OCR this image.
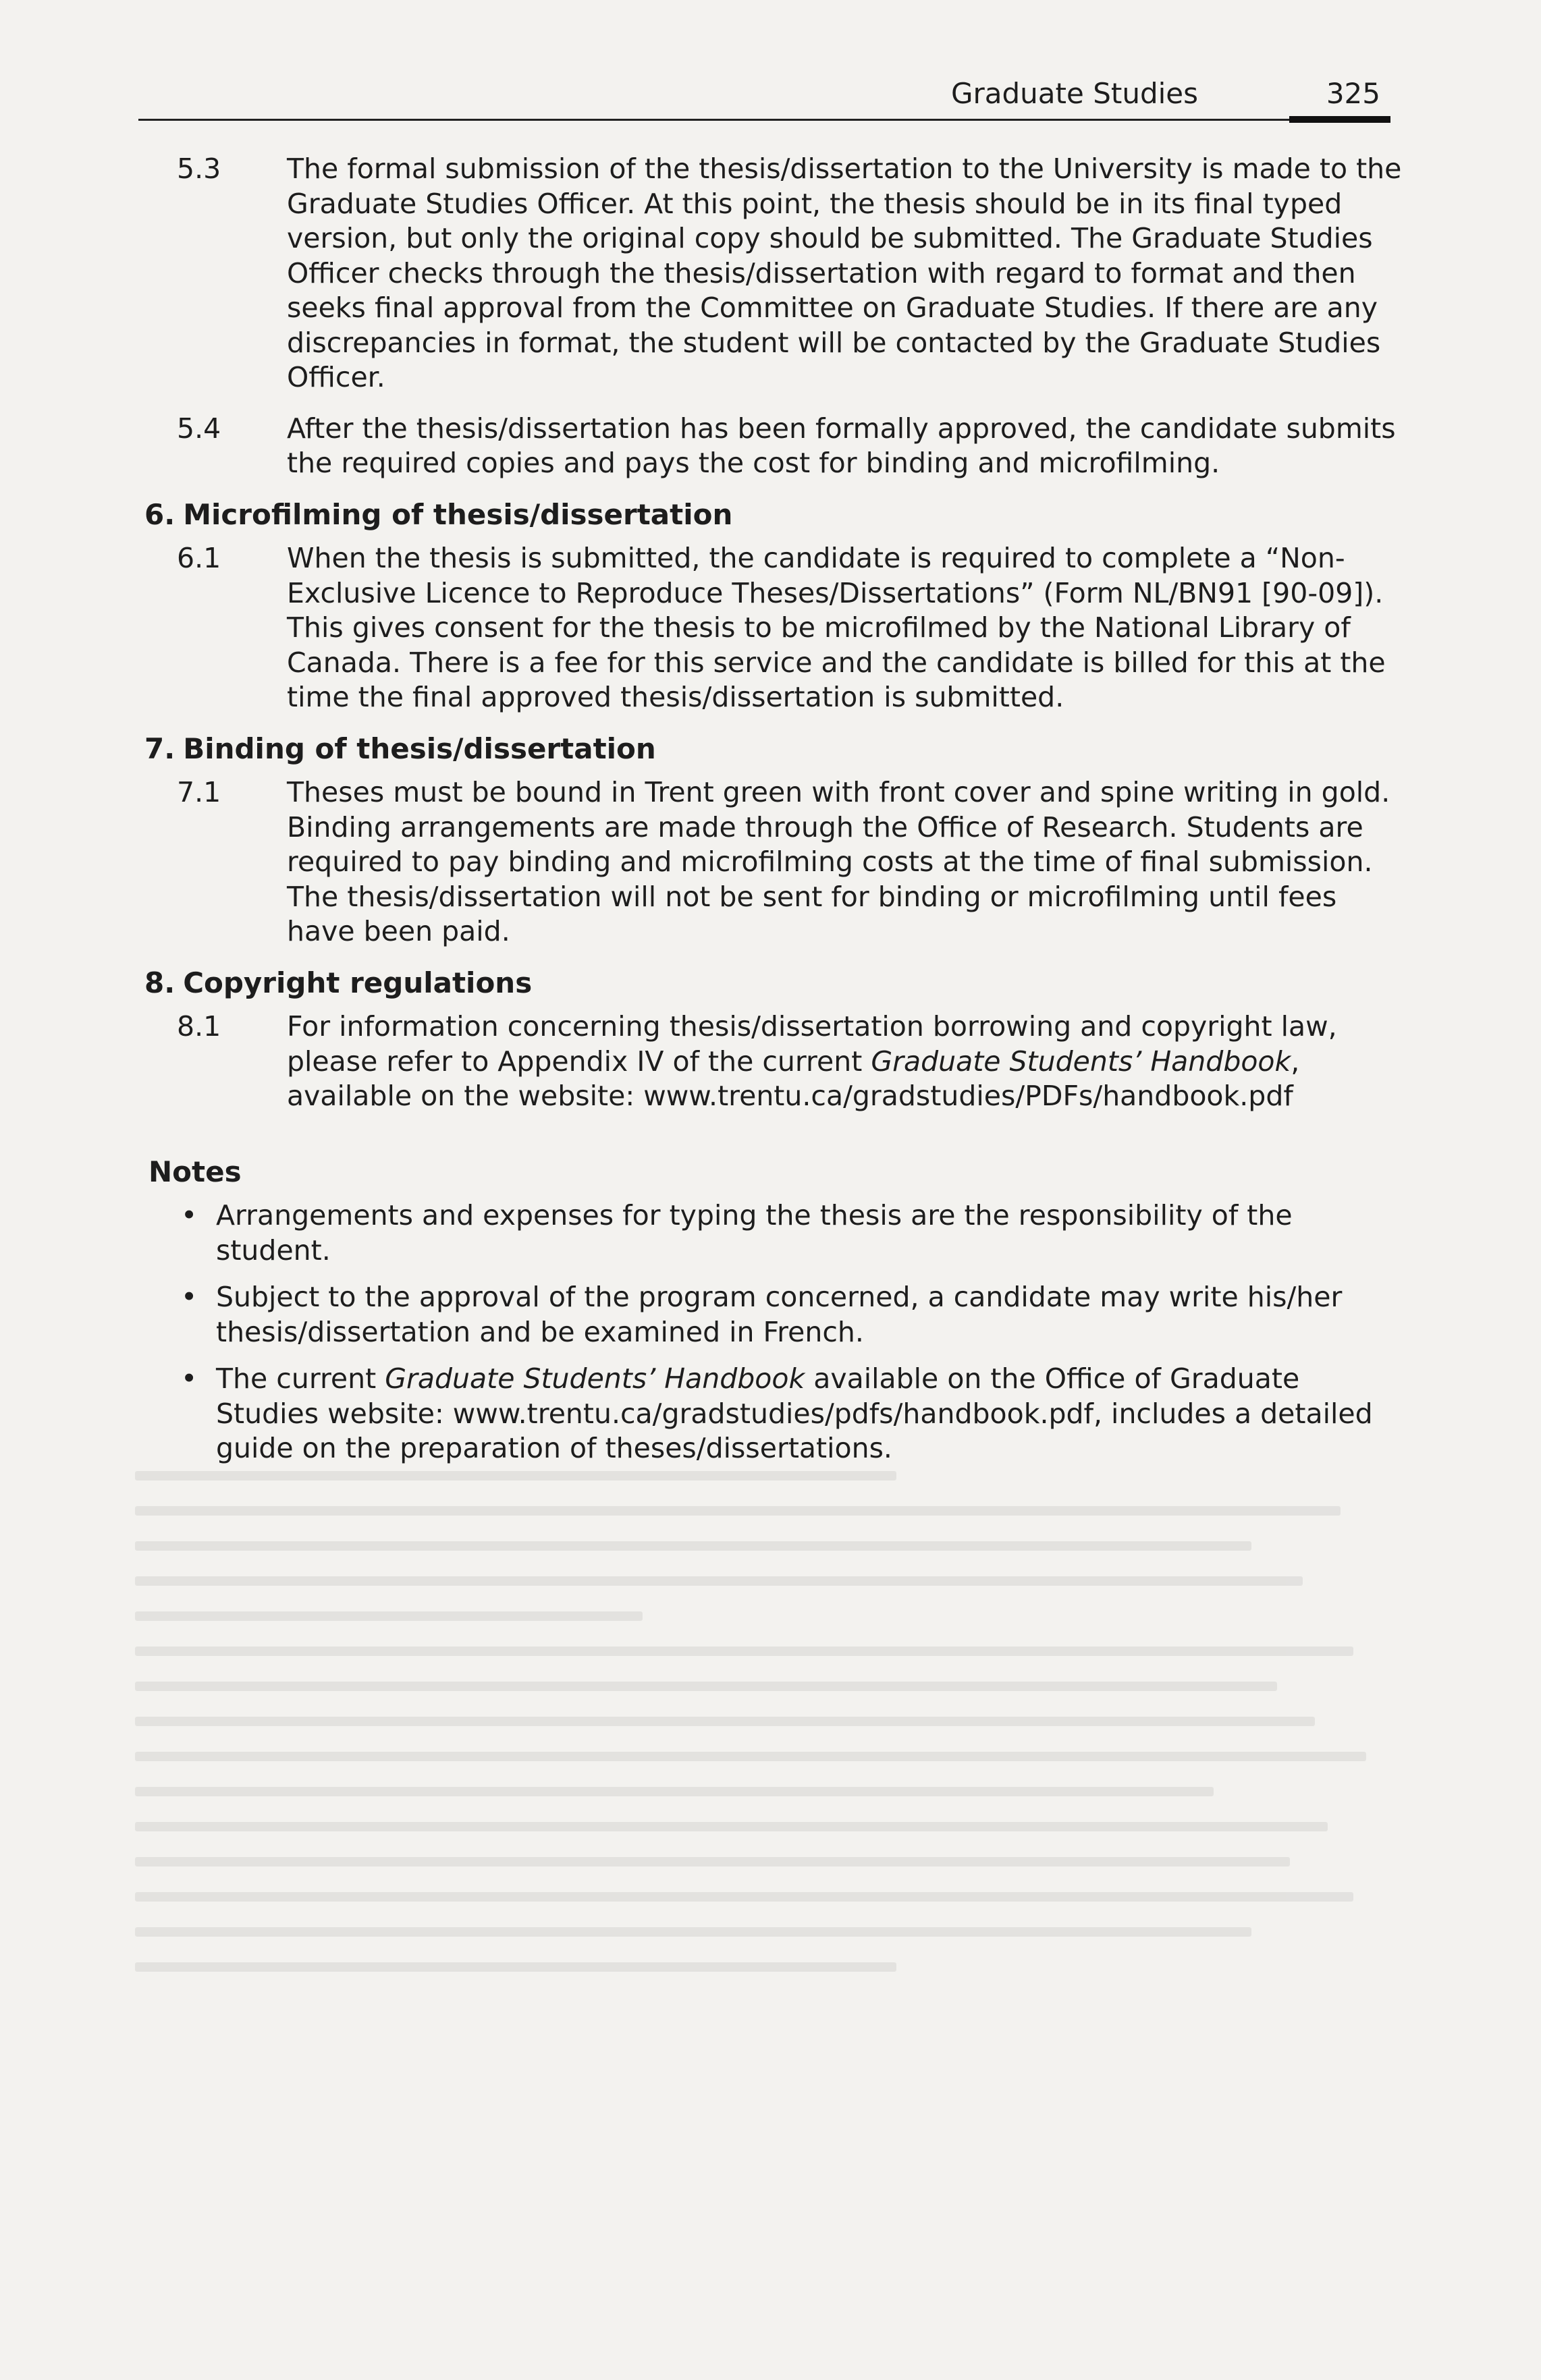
Graduate Studies	325
5.3	The formal submission of the thesis/dissertation to the University is made to the Graduate Studies Officer. At this point, the thesis should be in its final typed version, but only the original copy should be submitted. The Graduate Studies Officer checks through the thesis/dissertation with regard to format and then seeks final approval from the Committee on Graduate Studies. If there are any discrepancies in format, the student will be contacted by the Graduate Studies Officer.
5.4	After the thesis/dissertation has been formally approved, the candidate submits the required copies and pays the cost for binding and microfilming.
6. Microfilming of thesis/dissertation
6.1	When the thesis is submitted, the candidate is required to complete a “Non-Exclusive Licence to Reproduce Theses/Dissertations” (Form NL/BN91 [90-09]). This gives consent for the thesis to be microfilmed by the National Library of Canada. There is a fee for this service and the candidate is billed for this at the time the final approved thesis/dissertation is submitted.
7. Binding of thesis/dissertation
7.1	Theses must be bound in Trent green with front cover and spine writing in gold. Binding arrangements are made through the Office of Research. Students are required to pay binding and microfilming costs at the time of final submission. The thesis/dissertation will not be sent for binding or microfilming until fees have been paid.
8. Copyright regulations
8.1	For information concerning thesis/dissertation borrowing and copyright law, please refer to Appendix IV of the current Graduate Students’ Handbook, available on the website: www.trentu.ca/gradstudies/PDFs/handbook.pdf
Notes
• Arrangements and expenses for typing the thesis are the responsibility of the student.
• Subject to the approval of the program concerned, a candidate may write his/her thesis/dissertation and be examined in French.
• The current Graduate Students’ Handbook available on the Office of Graduate Studies website: www.trentu.ca/gradstudies/pdfs/handbook.pdf, includes a detailed guide on the preparation of theses/dissertations.
